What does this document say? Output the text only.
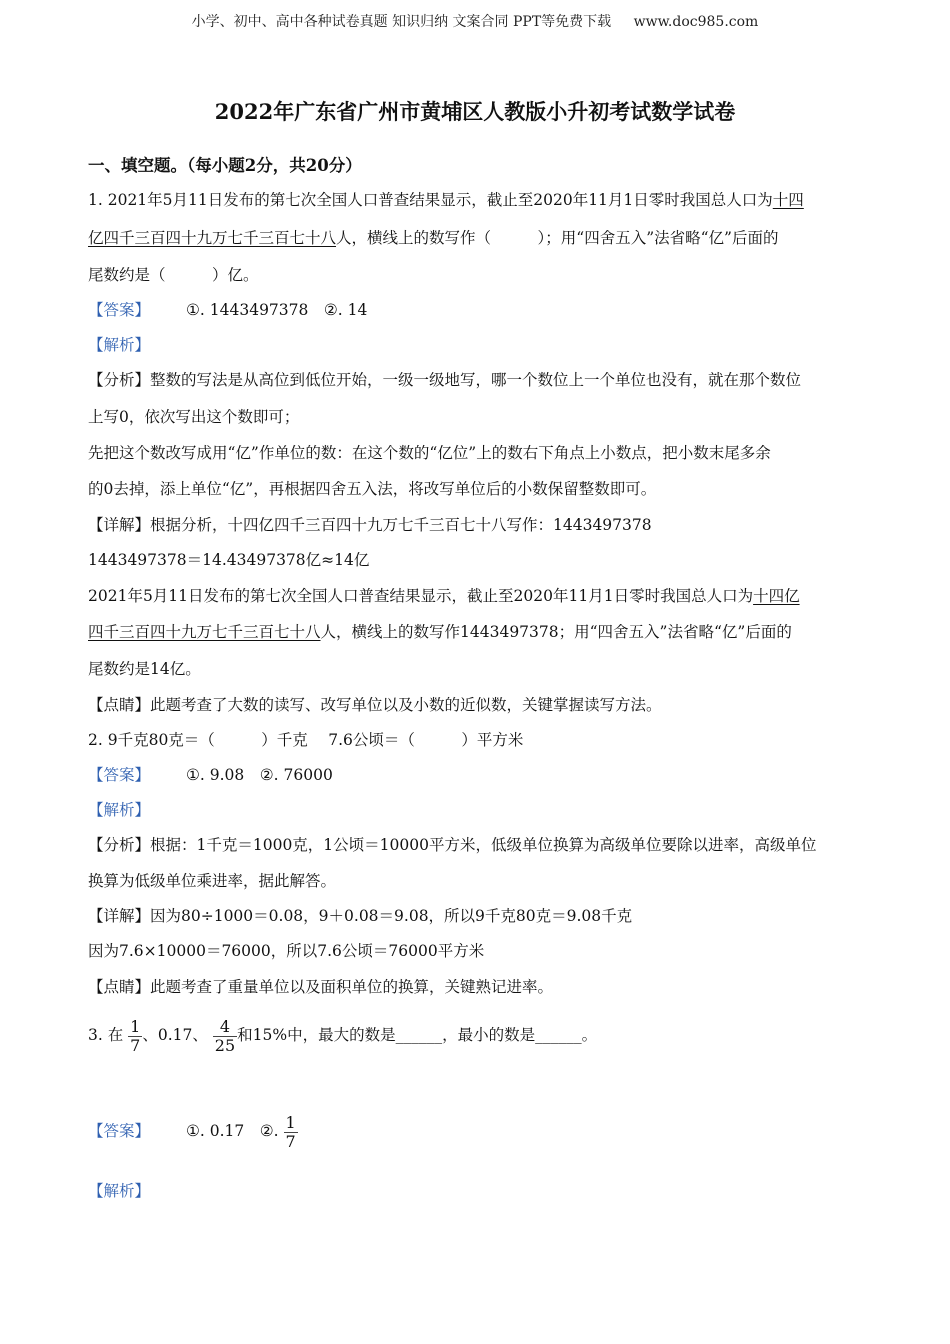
小学、初中、高中各种试卷真题 知识归纳 文案合同 PPT等免费下载 www.doc985.com
2022年广东省广州市黄埔区人教版小升初考试数学试卷
一、填空题。（每小题2分，共20分）
1. 2021年5月11日发布的第七次全国人口普查结果显示，截止至2020年11月1日零时我国总人口为十四
亿四千三百四十九万七千三百七十八人，横线上的数写作（　　　）；用“四舍五入”法省略“亿”后面的
尾数约是（　　　）亿。
【答案】 ①. 1443497378　②. 14
【解析】
【分析】整数的写法是从高位到低位开始，一级一级地写，哪一个数位上一个单位也没有，就在那个数位
上写0，依次写出这个数即可；
先把这个数改写成用“亿”作单位的数：在这个数的“亿位”上的数右下角点上小数点，把小数末尾多余
的0去掉，添上单位“亿”，再根据四舍五入法，将改写单位后的小数保留整数即可。
【详解】根据分析，十四亿四千三百四十九万七千三百七十八写作：1443497378
1443497378＝14.43497378亿≈14亿
2021年5月11日发布的第七次全国人口普查结果显示，截止至2020年11月1日零时我国总人口为十四亿
四千三百四十九万七千三百七十八人，横线上的数写作1443497378；用“四舍五入”法省略“亿”后面的
尾数约是14亿。
【点睛】此题考查了大数的读写、改写单位以及小数的近似数，关键掌握读写方法。
2. 9千克80克＝（　　　）千克　 7.6公顷＝（　　　）平方米
【答案】 ①. 9.08　②. 76000
【解析】
【分析】根据：1千克＝1000克，1公顷＝10000平方米，低级单位换算为高级单位要除以进率，高级单位
换算为低级单位乘进率，据此解答。
【详解】因为80÷1000＝0.08，9＋0.08＝9.08，所以9千克80克＝9.08千克
因为7.6×10000＝76000，所以7.6公顷＝76000平方米
【点睛】此题考查了重量单位以及面积单位的换算，关键熟记进率。
3. 在 $\frac{1}{7}$ 、0.17、 $\frac{4}{25}$ 和15%中，最大的数是______，最小的数是______。
【答案】 ①. 0.17　②. $\frac{1}{7}$
【解析】
